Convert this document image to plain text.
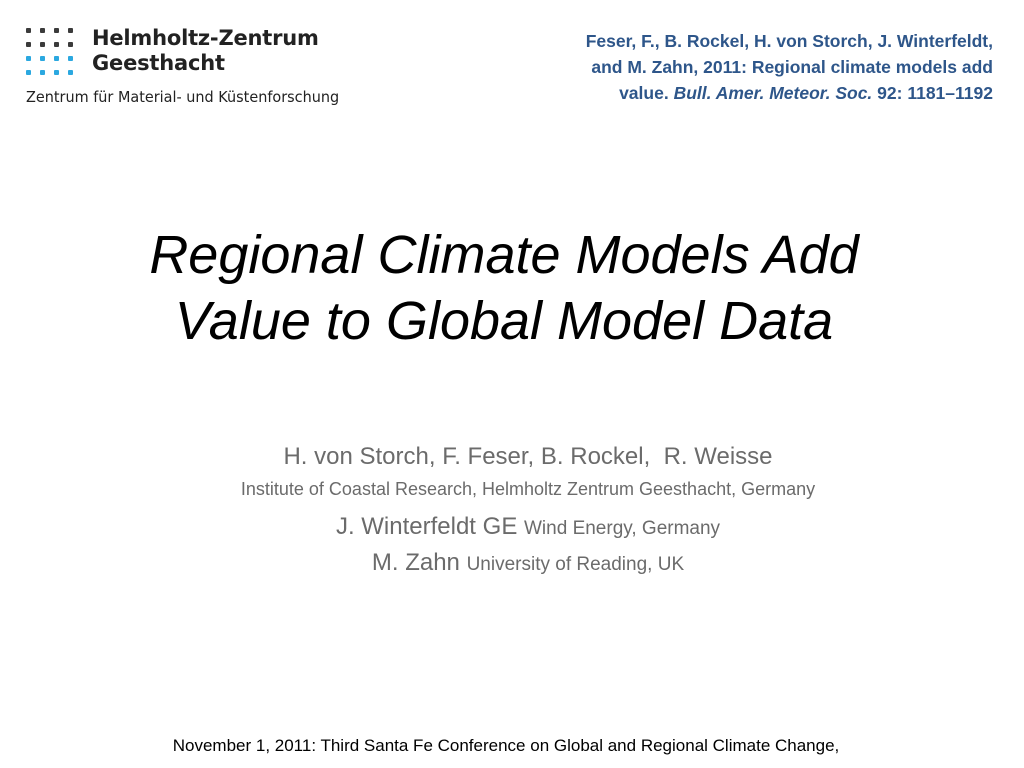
Helmholtz-Zentrum
Geesthacht
Zentrum für Material- und Küstenforschung
Feser, F., B. Rockel, H. von Storch, J. Winterfeldt,
and M. Zahn, 2011: Regional climate models add
value. Bull. Amer. Meteor. Soc. 92: 1181–1192
Regional Climate Models Add
Value to Global Model Data
H. von Storch, F. Feser, B. Rockel,  R. Weisse
Institute of Coastal Research, Helmholtz Zentrum Geesthacht, Germany
J. Winterfeldt GE Wind Energy, Germany
M. Zahn University of Reading, UK
November 1, 2011: Third Santa Fe Conference on Global and Regional Climate Change,
